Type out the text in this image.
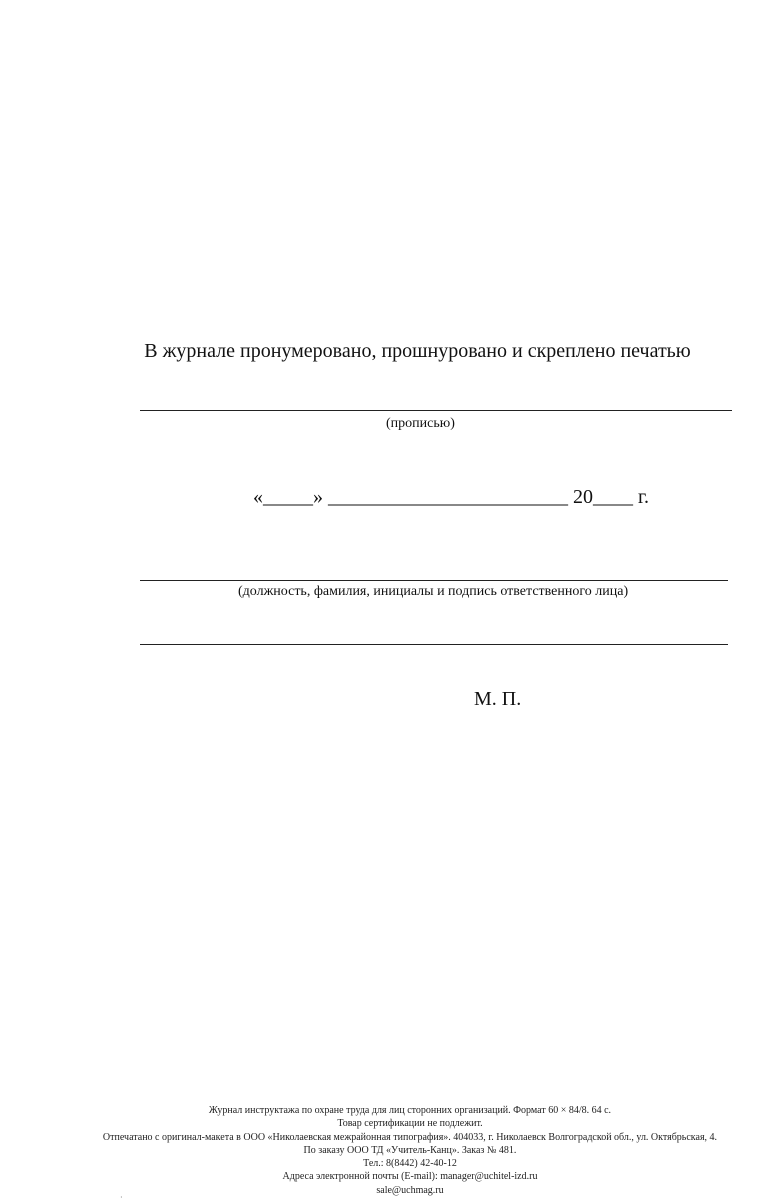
В журнале пронумеровано, прошнуровано и скреплено печатью
(прописью)
«_____» ________________________ 20____ г.
(должность, фамилия, инициалы и подпись ответственного лица)
М. П.
Журнал инструктажа по охране труда для лиц сторонних организаций. Формат 60 × 84/8. 64 с.
Товар сертификации не подлежит.
Отпечатано с оригинал-макета в ООО «Николаевская межрайонная типография». 404033, г. Николаевск Волгоградской обл., ул. Октябрьская, 4.
По заказу ООО ТД «Учитель-Канц». Заказ № 481.
Тел.: 8(8442) 42-40-12
Адреса электронной почты (E-mail): manager@uchitel-izd.ru
sale@uchmag.ru
·
